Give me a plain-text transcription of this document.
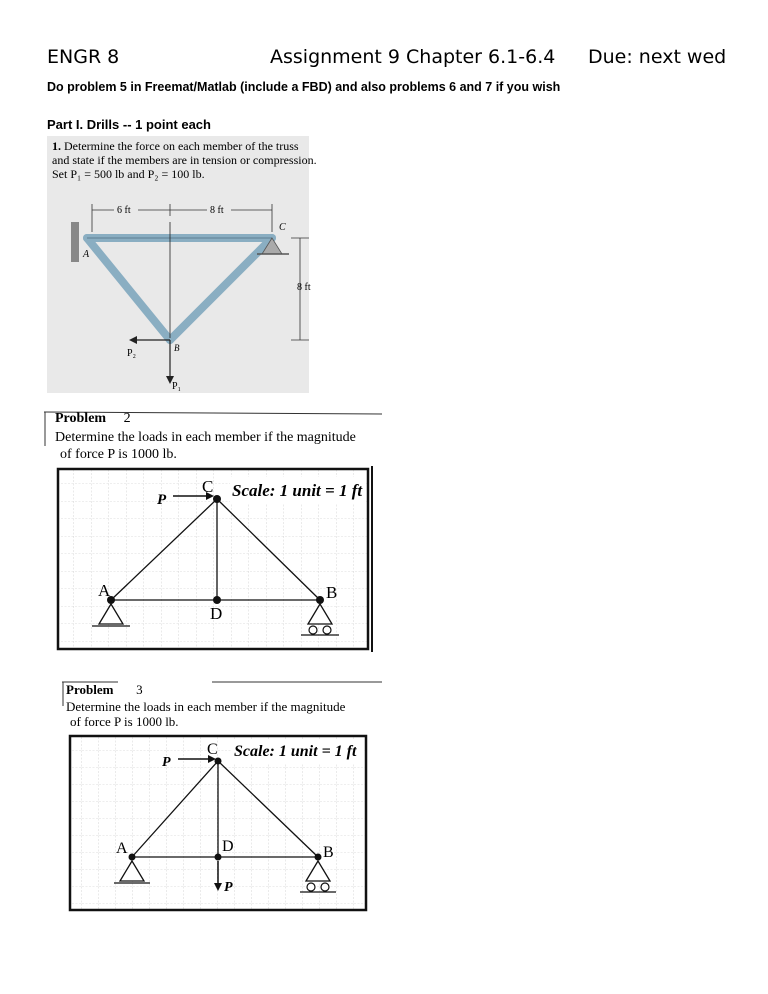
ENGR 8	Assignment 9 Chapter 6.1-6.4 Due: next wed
Do problem 5 in Freemat/Matlab (include a FBD) and also problems 6 and 7 if you wish
Part I. Drills -- 1 point each
1. Determine the force on each member of the truss
and state if the members are in tension or compression.
Set P₁ = 500 lb and P₂ = 100 lb.
6 ft	8 ft
8 ft
A
C
B
P₁
P₂
Problem 2
Determine the loads in each member if the magnitude
of force P is 1000 lb.
P
C Scale: 1 unit = 1 ft
A	B
D
Problem 3
Determine the loads in each member if the magnitude
of force P is 1000 lb.
P
P
C Scale: 1 unit = 1 ft
A	B
D
